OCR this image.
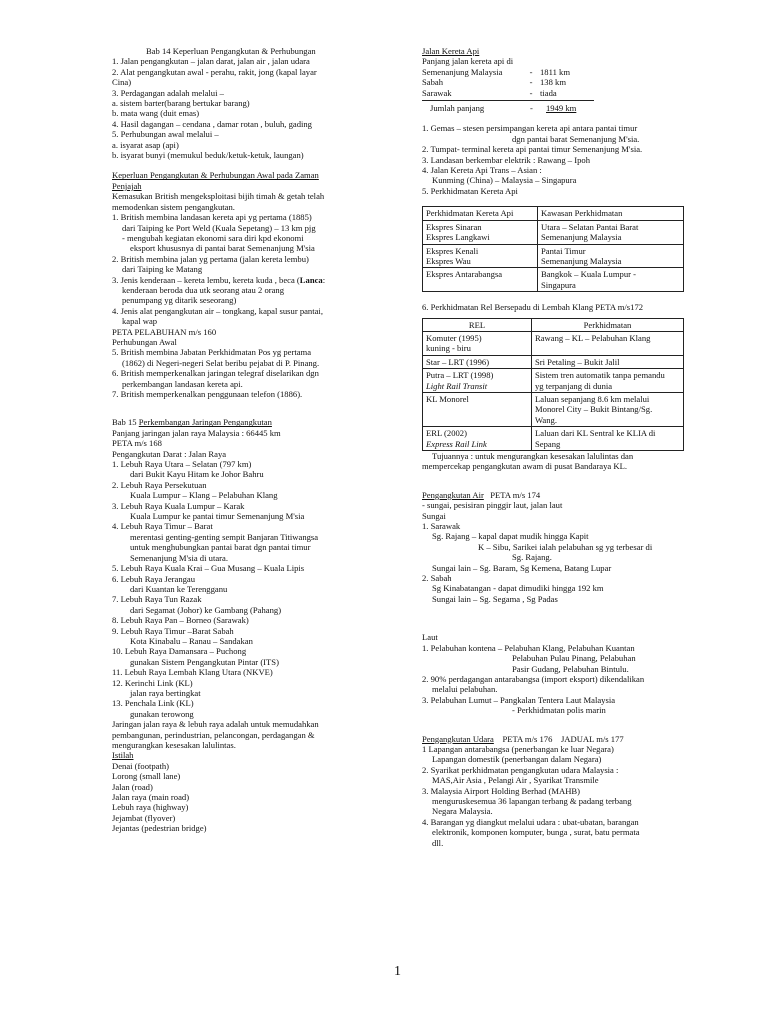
Bab 14 Keperluan Pengangkutan & Perhubungan
1. Jalan pengangkutan – jalan darat, jalan air , jalan udara
2. Alat pengangkutan awal - perahu, rakit, jong (kapal layar
Cina)
3. Perdagangan adalah melalui –
a. sistem barter(barang bertukar barang)
b. mata wang (duit emas)
4. Hasil dagangan – cendana , damar rotan , buluh, gading
5. Perhubungan awal melalui –
a. isyarat asap (api)
b. isyarat bunyi (memukul beduk/ketuk-ketuk, laungan)
Keperluan Pengangkutan & Perhubungan Awal pada Zaman
Penjajah
Kemasukan British mengeksploitasi bijih timah & getah telah
memodenkan sistem pengangkutan.
1. British membina landasan kereta api yg pertama (1885)
dari Taiping ke Port Weld (Kuala Sepetang) – 13 km pjg
- mengubah kegiatan ekonomi sara diri kpd ekonomi
eksport khususnya di pantai barat Semenanjung M'sia
2. British membina jalan yg pertama (jalan kereta lembu)
dari Taiping ke Matang
3. Jenis kenderaan – kereta lembu, kereta kuda , beca (Lanca:
kenderaan beroda dua utk seorang atau 2 orang
penumpang yg ditarik seseorang)
4. Jenis alat pengangkutan air – tongkang, kapal susur pantai,
kapal wap
PETA PELABUHAN m/s 160
Perhubungan Awal
5. British membina Jabatan Perkhidmatan Pos yg pertama
(1862) di Negeri-negeri Selat beribu pejabat di P. Pinang.
6. British memperkenalkan jaringan telegraf diselarikan dgn
perkembangan landasan kereta api.
7. British memperkenalkan penggunaan telefon (1886).
Bab 15 Perkembangan Jaringan Pengangkutan
Panjang jaringan jalan raya Malaysia : 66445 km
PETA m/s 168
Pengangkutan Darat : Jalan Raya
1. Lebuh Raya Utara – Selatan (797 km)
dari Bukit Kayu Hitam ke Johor Bahru
2. Lebuh Raya Persekutuan
Kuala Lumpur – Klang – Pelabuhan Klang
3. Lebuh Raya Kuala Lumpur – Karak
Kuala Lumpur ke pantai timur Semenanjung M'sia
4. Lebuh Raya Timur – Barat
merentasi genting-genting sempit Banjaran Titiwangsa
untuk menghubungkan pantai barat dgn pantai timur
Semenanjung M'sia di utara.
5. Lebuh Raya Kuala Krai – Gua Musang – Kuala Lipis
6. Lebuh Raya Jerangau
dari Kuantan ke Terengganu
7. Lebuh Raya Tun Razak
dari Segamat (Johor) ke Gambang (Pahang)
8. Lebuh Raya Pan – Borneo (Sarawak)
9. Lebuh Raya Timur –Barat Sabah
Kota Kinabalu – Ranau – Sandakan
10. Lebuh Raya Damansara – Puchong
gunakan Sistem Pengangkutan Pintar (ITS)
11. Lebuh Raya Lembah Klang Utara (NKVE)
12. Kerinchi Link (KL)
jalan raya bertingkat
13. Penchala Link (KL)
gunakan terowong
Jaringan jalan raya & lebuh raya adalah untuk memudahkan
pembangunan, perindustrian, pelancongan, perdagangan &
mengurangkan kesesakan lalulintas.
Istilah
Denai (footpath)
Lorong (small lane)
Jalan (road)
Jalan raya (main road)
Lebuh raya (highway)
Jejambat (flyover)
Jejantas (pedestrian bridge)
Jalan Kereta Api
Panjang jalan kereta api di
Semenanjung Malaysia	- 1811 km
Sabah	- 138 km
Sarawak	- tiada
Jumlah panjang	-	1949 km
1. Gemas – stesen persimpangan kereta api antara pantai timur
dgn pantai barat Semenanjung M'sia.
2. Tumpat- terminal kereta api pantai timur Semenanjung M'sia.
3. Landasan berkembar elektrik : Rawang – Ipoh
4. Jalan Kereta Api Trans – Asian :
Kunming (China) – Malaysia – Singapura
5. Perkhidmatan Kereta Api
Perkhidmatan Kereta Api	Kawasan Perkhidmatan

Ekspres Sinaran
Ekspres Langkawi	Utara – Selatan Pantai Barat
Semenanjung Malaysia

Ekspres Kenali
Ekspres Wau	Pantai Timur
Semenanjung Malaysia

Ekspres Antarabangsa	Bangkok – Kuala Lumpur -
Singapura
6. Perkhidmatan Rel Bersepadu di Lembah Klang PETA m/s172
REL	Perkhidmatan

Komuter (1995)
kuning - biru	Rawang – KL – Pelabuhan Klang

Star – LRT (1996)	Sri Petaling – Bukit Jalil

Putra – LRT (1998)
Light Rail Transit	Sistem tren automatik tanpa pemandu
yg terpanjang di dunia

KL Monorel	Laluan sepanjang 8.6 km melalui
Monorel City – Bukit Bintang/Sg.
Wang.

ERL (2002)
Express Rail Link	Laluan dari KL Sentral ke KLIA di
Sepang
Tujuannya : untuk mengurangkan kesesakan lalulintas dan
mempercekap pengangkutan awam di pusat Bandaraya KL.
Pengangkutan Air   PETA m/s 174
- sungai, pesisiran pinggir laut, jalan laut
Sungai
1. Sarawak
Sg. Rajang – kapal dapat mudik hingga Kapit
K – Sibu, Sarikei ialah pelabuhan sg yg terbesar di
Sg. Rajang.
Sungai lain – Sg. Baram, Sg Kemena, Batang Lupar
2. Sabah
Sg Kinabatangan - dapat dimudiki hingga 192 km
Sungai lain – Sg. Segama , Sg Padas
Laut
1. Pelabuhan kontena – Pelabuhan Klang, Pelabuhan Kuantan
Pelabuhan Pulau Pinang, Pelabuhan
Pasir Gudang, Pelabuhan Bintulu.
2. 90% perdagangan antarabangsa (import eksport) dikendalikan
melalui pelabuhan.
3. Pelabuhan Lumut – Pangkalan Tentera Laut Malaysia
- Perkhidmatan polis marin
Pengangkutan Udara    PETA m/s 176    JADUAL m/s 177
1 Lapangan antarabangsa (penerbangan ke luar Negara)
Lapangan domestik (penerbangan dalam Negara)
2. Syarikat perkhidmatan pengangkutan udara Malaysia :
MAS,Air Asia , Pelangi Air , Syarikat Transmile
3. Malaysia Airport Holding Berhad (MAHB)
menguruskesemua 36 lapangan terbang & padang terbang
Negara Malaysia.
4. Barangan yg diangkut melalui udara : ubat-ubatan, barangan
elektronik, komponen komputer, bunga , surat, batu permata
dll.
1
